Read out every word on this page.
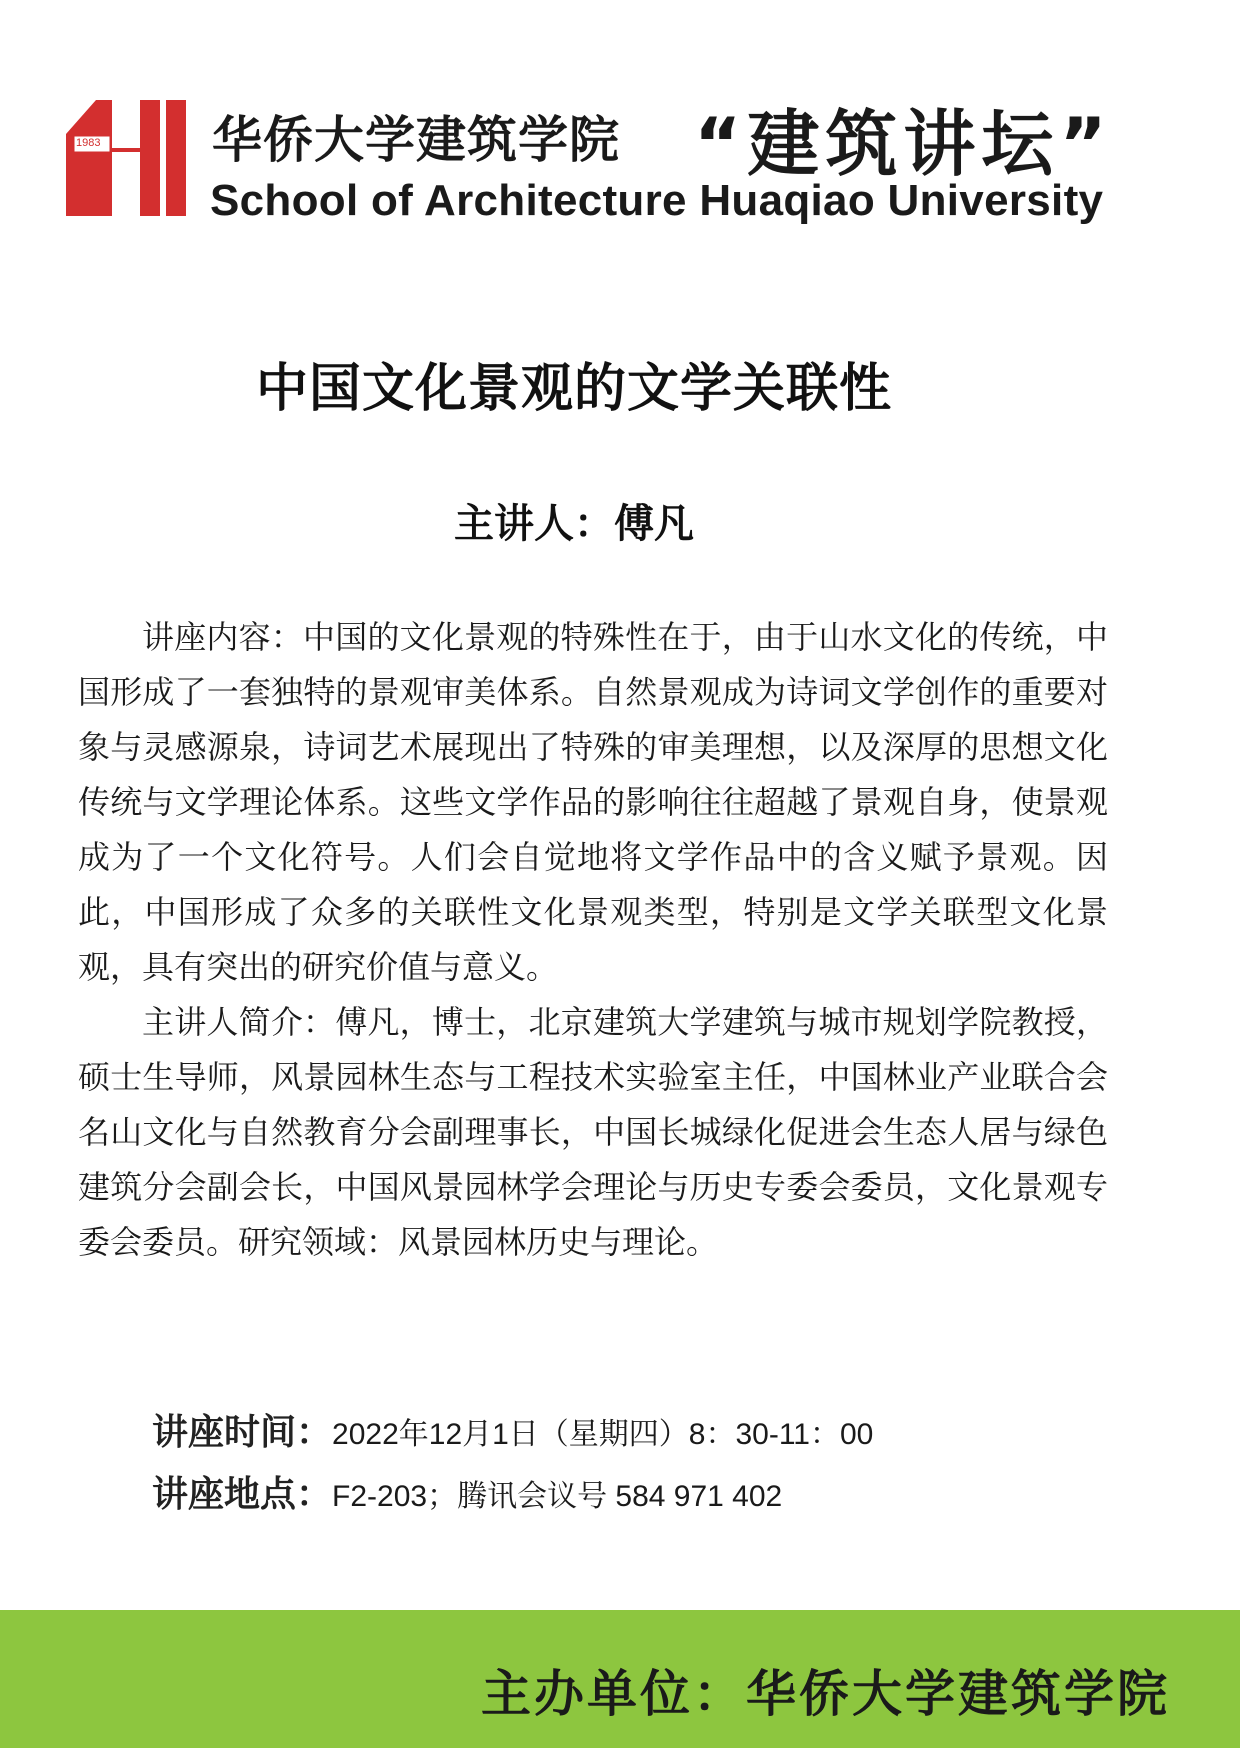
1983 华侨大学建筑学院 “建筑讲坛”
School of Architecture Huaqiao University
中国文化景观的文学关联性
主讲人：傅凡

讲座内容：中国的文化景观的特殊性在于，由于山水文化的传统，中国形成了一套独特的景观审美体系。自然景观成为诗词文学创作的重要对象与灵感源泉，诗词艺术展现出了特殊的审美理想，以及深厚的思想文化传统与文学理论体系。这些文学作品的影响往往超越了景观自身，使景观成为了一个文化符号。人们会自觉地将文学作品中的含义赋予景观。因此，中国形成了众多的关联性文化景观类型，特别是文学关联型文化景观，具有突出的研究价值与意义。

主讲人简介：傅凡，博士，北京建筑大学建筑与城市规划学院教授，硕士生导师，风景园林生态与工程技术实验室主任，中国林业产业联合会名山文化与自然教育分会副理事长，中国长城绿化促进会生态人居与绿色建筑分会副会长，中国风景园林学会理论与历史专委会委员，文化景观专委会委员。研究领域：风景园林历史与理论。

讲座时间：2022年12月1日（星期四）8：30-11：00
讲座地点：F2-203；腾讯会议号 584 971 402
主办单位：华侨大学建筑学院
